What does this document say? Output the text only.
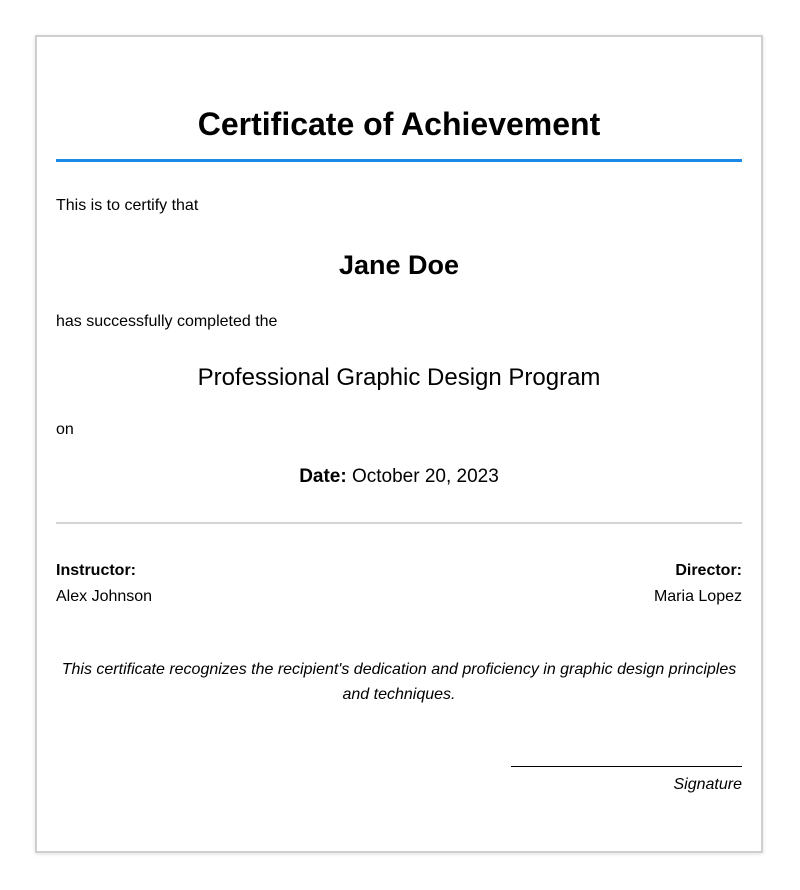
Certificate of Achievement
This is to certify that
Jane Doe
has successfully completed the
Professional Graphic Design Program
on
Date: October 20, 2023
Instructor:
Alex Johnson
Director:
Maria Lopez
This certificate recognizes the recipient's dedication and proficiency in graphic design principles and techniques.
Signature
